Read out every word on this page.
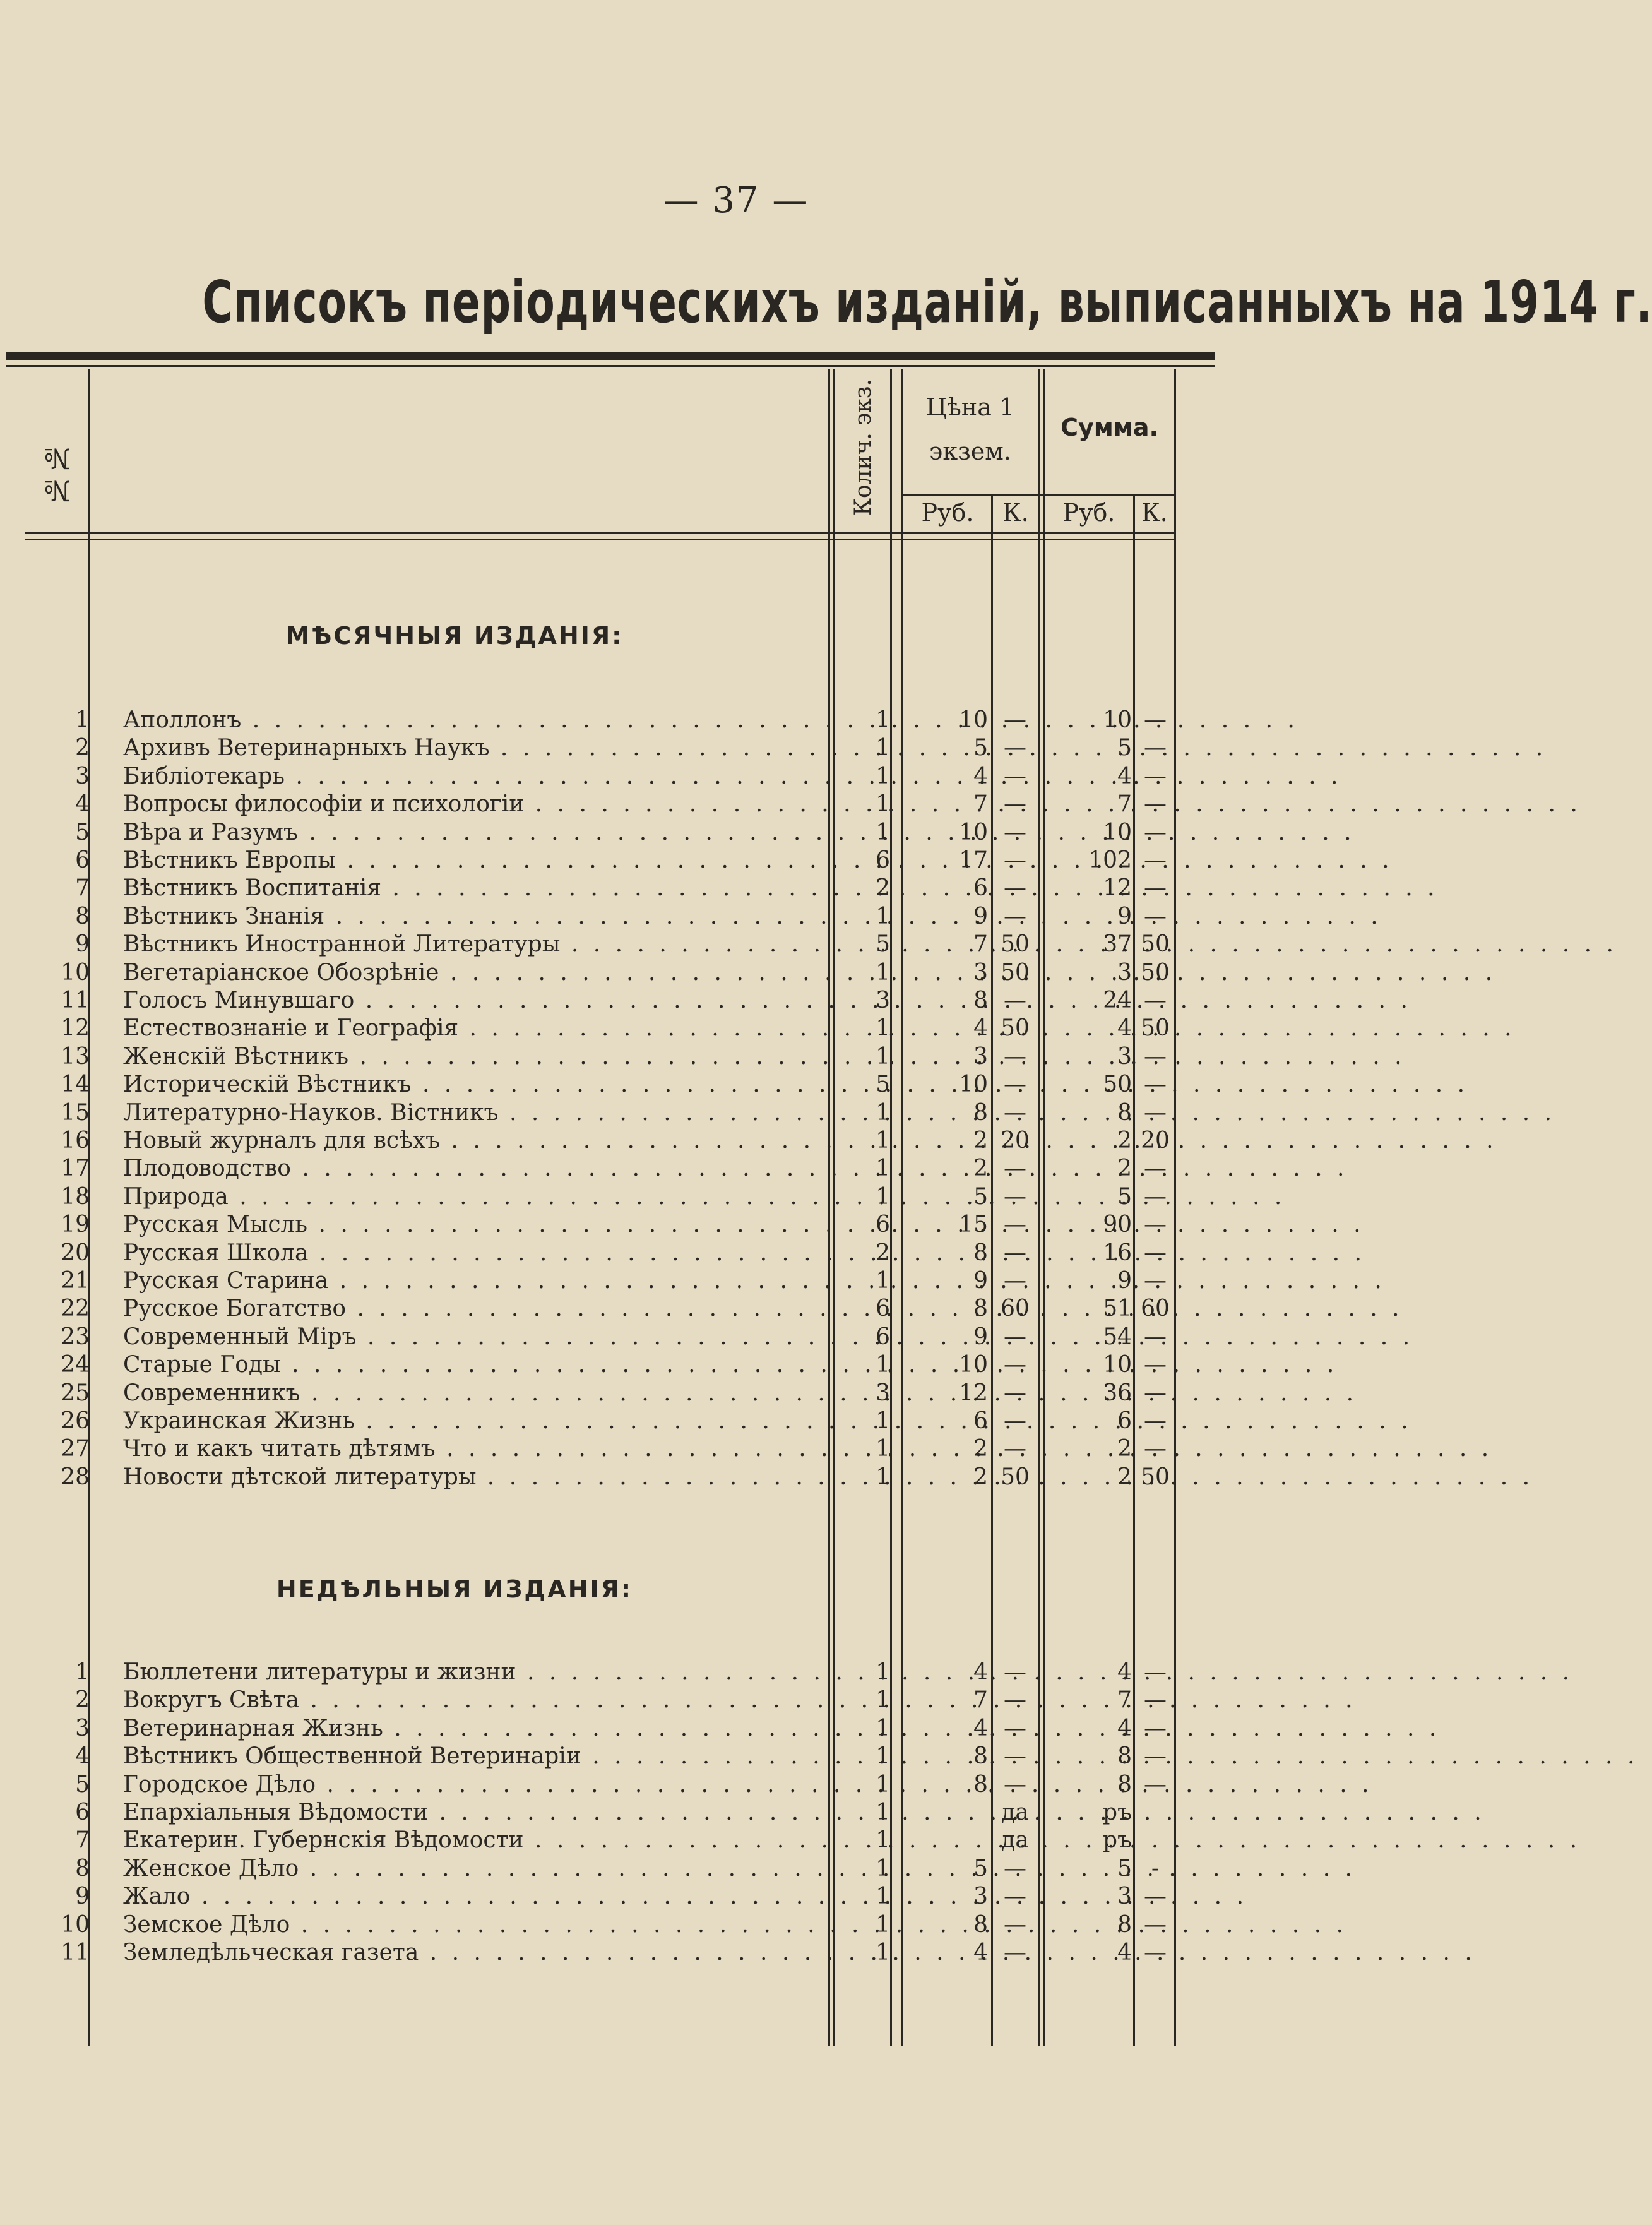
— 37 —
Списокъ періодическихъ изданій, выписанныхъ на 1914 г.
№№	Колич. экз.	Цѣна 1 экзем.
Сумма.
Руб.	К.	Руб.	К.
МѢСЯЧНЫЯ ИЗДАНІЯ:
НЕДѢЛЬНЫЯ ИЗДАНІЯ:
1 Аполлонъ . . .	1	10 —	10 —
2 Архивъ Ветеринарныхъ Наукъ . . .	1	5 —	5 —
3 Библіотекарь . . .	1	4 —	4 —
4 Вопросы философіи и психологіи . . .	1	7 —	7 —
5 Вѣра и Разумъ . . .	1	10 —	10 —
6 Вѣстникъ Европы . . .	6	17 —	102 —
7 Вѣстникъ Воспитанія . . .	2	6 —	12 —
8 Вѣстникъ Знанія . . .	1	9 —	9 —
9 Вѣстникъ Иностранной Литературы . . .	5	7 50	37 50
10 Вегетаріанское Обозрѣніе . . .	1	3 50	3 50
11 Голосъ Минувшаго . . .	3	8 —	24 —
12 Естествознаніе и Географія . . .	1	4 50	4 50
13 Женскій Вѣстникъ . . .	1	3 —	3 —
14 Историческій Вѣстникъ . . .	5	10 —	50 —
15 Литературно-Науков. Вістникъ . . .	1	8 —	8 —
16 Новый журналъ для всѣхъ . . .	1	2 20	2 20
17 Плодоводство . . .	1	2 —	2 —
18 Природа . . .	1	5 —	5 —
19 Русская Мысль . . .	6	15 —	90 —
20 Русская Школа . . .	2	8 —	16 —
21 Русская Старина . . .	1	9 —	9 —
22 Русское Богатство . . .	6	8 60	51 60
23 Современный Міръ . . .	6	9 —	54 —
24 Старые Годы . . .	1	10 —	10 —
25 Современникъ . . .	3	12 —	36 —
26 Украинская Жизнь . . .	1	6 —	6 —
27 Что и какъ читать дѣтямъ . . .	1	2 —	2 —
28 Новости дѣтской литературы . . .	1	2 50	2 50
1 Бюллетени литературы и жизни . . .	1	4 —	4 —
2 Вокругъ Свѣта . . .	1	7 —	7 —
3 Ветеринарная Жизнь . . .	1	4 —	4 —
4 Вѣстникъ Общественной Ветеринаріи . . .	1	8 —	8 —
5 Городское Дѣло . . .	1	8 —	8 —
6 Епархіальныя Вѣдомости . . .	1	да	ръ
7 Екатерин. Губернскія Вѣдомости . . .	1	да	ръ
8 Женское Дѣло . . .	1	5 —	5 -
9 Жало . . .	1	3 —	3 —
10 Земское Дѣло . . .	1	8 —	8 —
11 Земледѣльческая газета . . .	1	4 —	4 —
